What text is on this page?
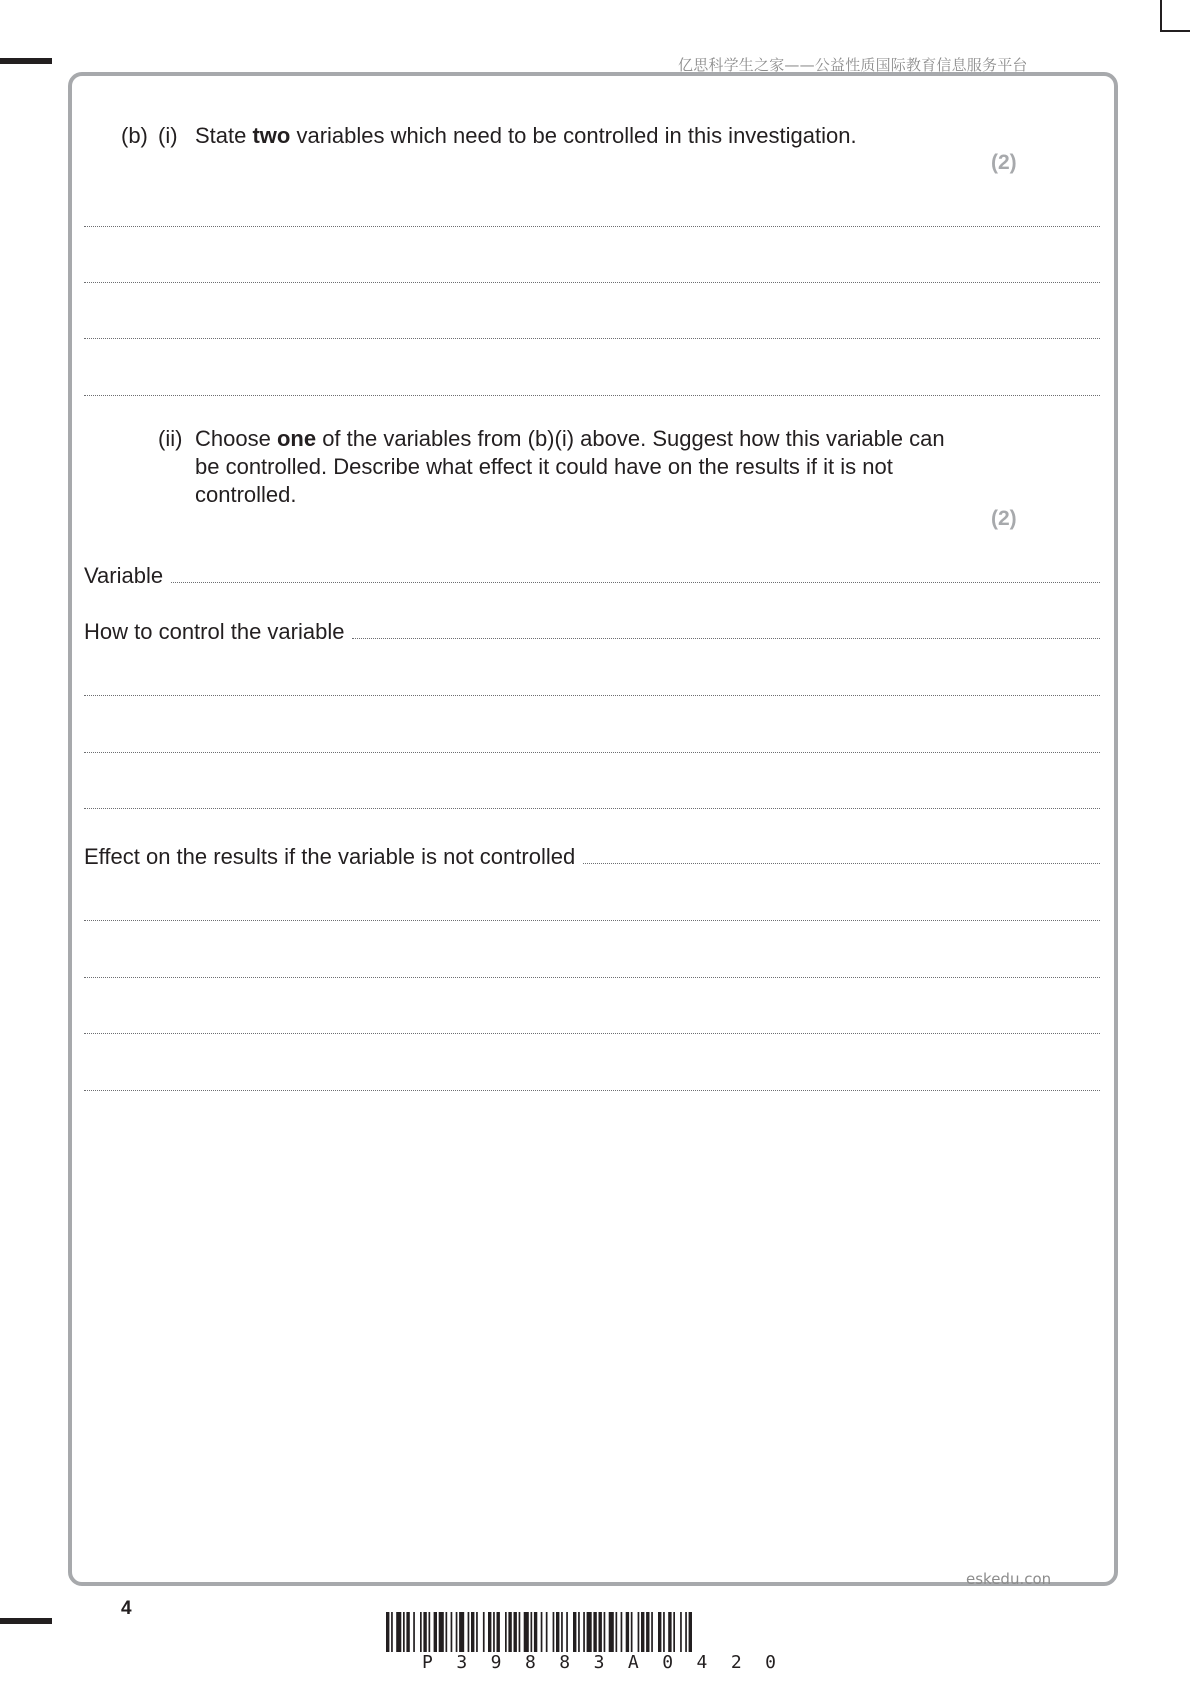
亿思科学生之家——公益性质国际教育信息服务平台
(b) (i) State two variables which need to be controlled in this investigation.
(2)
(ii) Choose one of the variables from (b)(i) above. Suggest how this variable can
be controlled. Describe what effect it could have on the results if it is not
controlled.
(2)
Variable
How to control the variable
Effect on the results if the variable is not controlled
eskedu.con
4
P 3 9 8 8 3 A 0 4 2 0
